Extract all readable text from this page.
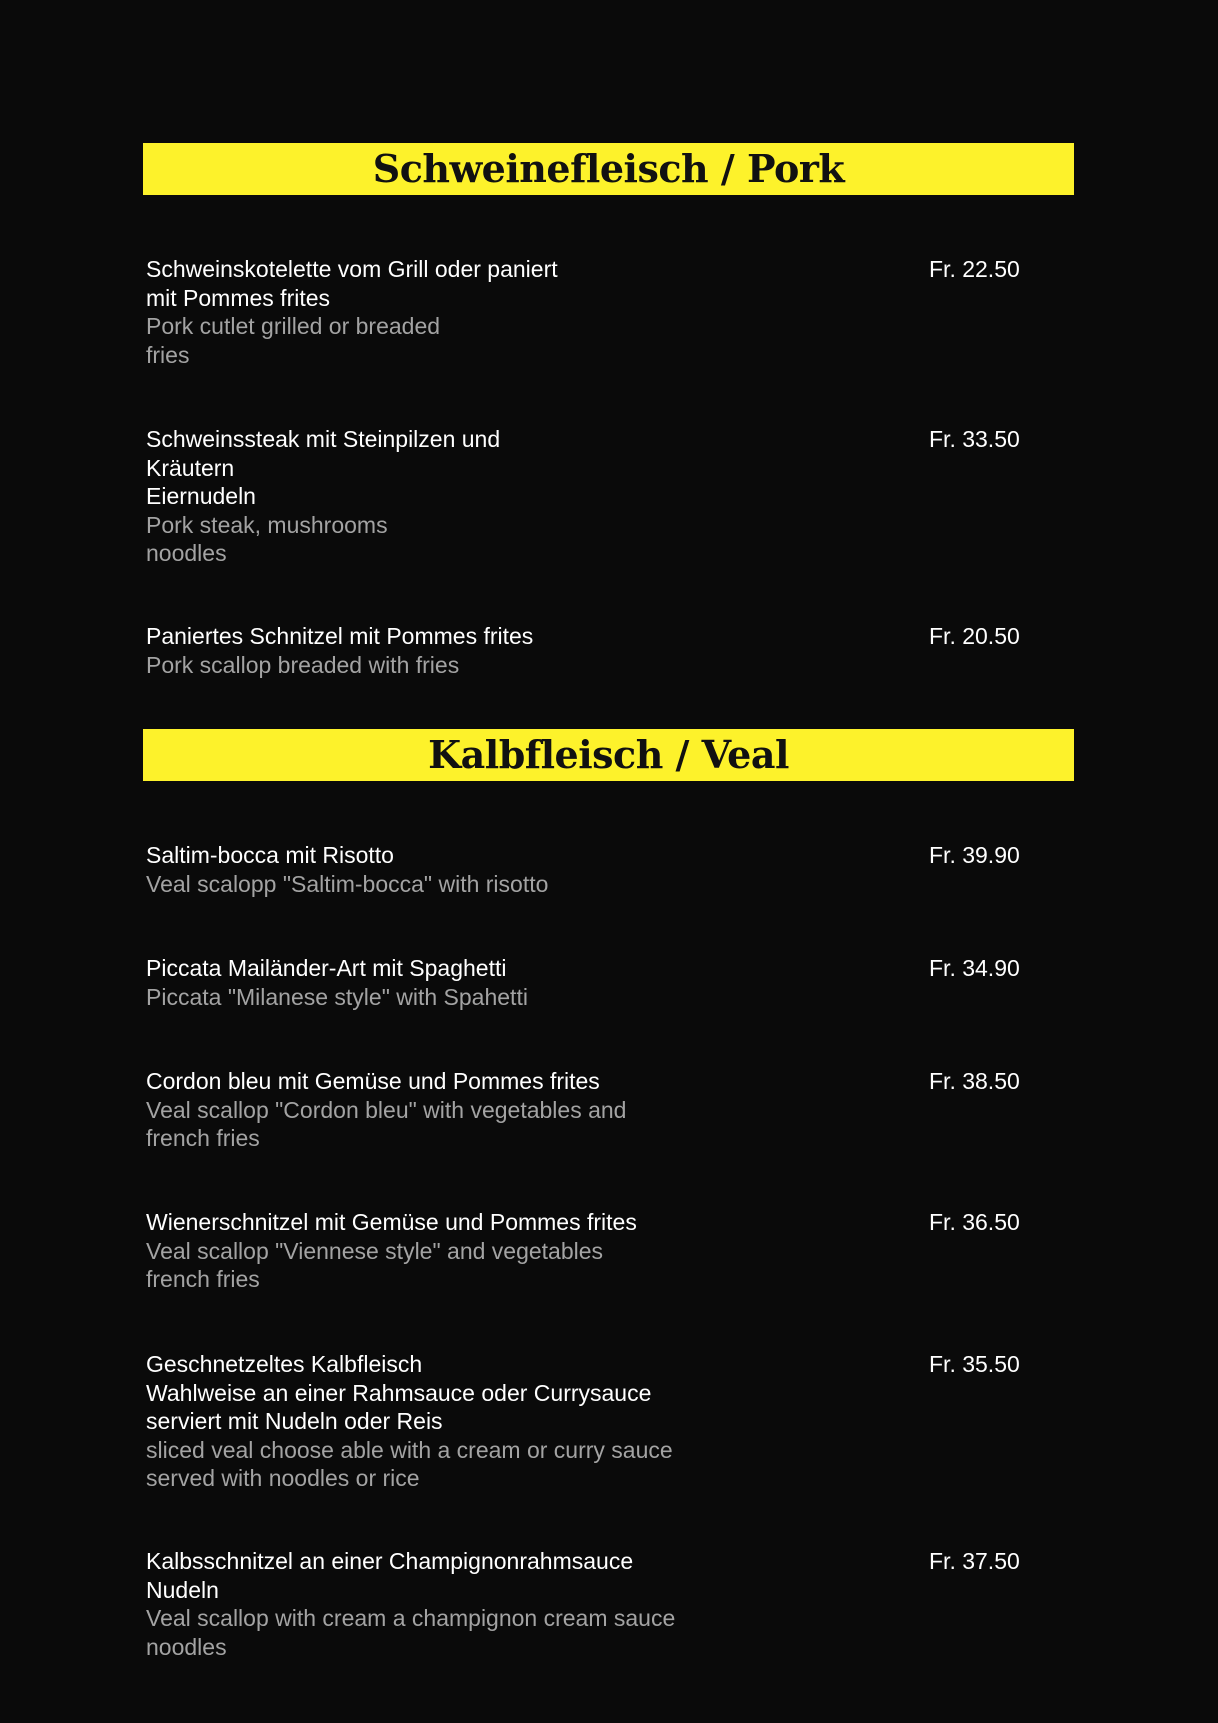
Schweinefleisch / Pork
Schweinskotelette vom Grill oder paniert
mit Pommes frites
Pork cutlet grilled or breaded
fries
Fr. 22.50
Schweinssteak mit Steinpilzen und
Kräutern
Eiernudeln
Pork steak, mushrooms
noodles
Fr. 33.50
Paniertes Schnitzel mit Pommes frites
Pork scallop breaded with fries
Fr. 20.50
Kalbfleisch / Veal
Saltim-bocca mit Risotto
Veal scalopp "Saltim-bocca" with risotto
Fr. 39.90
Piccata Mailänder-Art mit Spaghetti
Piccata "Milanese style" with Spahetti
Fr. 34.90
Cordon bleu mit Gemüse und Pommes frites
Veal scallop "Cordon bleu" with vegetables and
french fries
Fr. 38.50
Wienerschnitzel mit Gemüse und Pommes frites
Veal scallop "Viennese style" and vegetables
french fries
Fr. 36.50
Geschnetzeltes Kalbfleisch
Wahlweise an einer Rahmsauce oder Currysauce
serviert mit Nudeln oder Reis
sliced veal choose able with a cream or curry sauce
served with noodles or rice
Fr. 35.50
Kalbsschnitzel an einer Champignonrahmsauce
Nudeln
Veal scallop with cream a champignon cream sauce
noodles
Fr. 37.50
